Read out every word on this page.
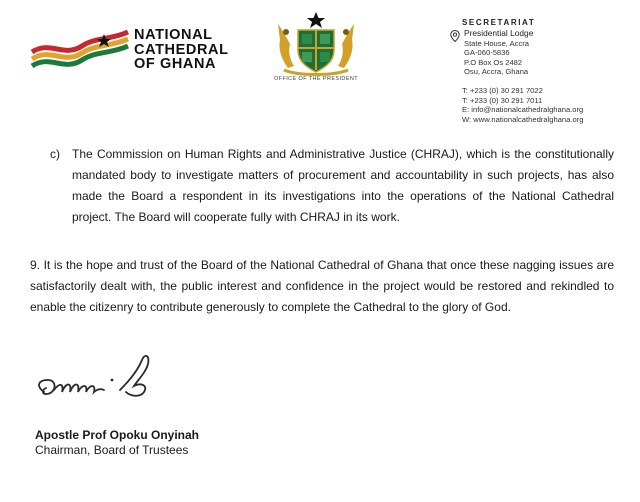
NATIONAL
CATHEDRAL
OF GHANA
OFFICE OF THE PRESIDENT
SECRETARIAT
Presidential Lodge
State House, Accra
GA-060-5836
P.O Box Os 2482
Osu, Accra, Ghana
T: +233 (0) 30 291 7022
T: +233 (0) 30 291 7011
E: info@nationalcathedralghana.org
W: www.nationalcathedralghana.org
c) The Commission on Human Rights and Administrative Justice (CHRAJ), which is the constitutionally mandated body to investigate matters of procurement and accountability in such projects, has also made the Board a respondent in its investigations into the operations of the National Cathedral project. The Board will cooperate fully with CHRAJ in its work.
9. It is the hope and trust of the Board of the National Cathedral of Ghana that once these nagging issues are satisfactorily dealt with, the public interest and confidence in the project would be restored and rekindled to enable the citizenry to contribute generously to complete the Cathedral to the glory of God.
Apostle Prof Opoku Onyinah
Chairman, Board of Trustees
